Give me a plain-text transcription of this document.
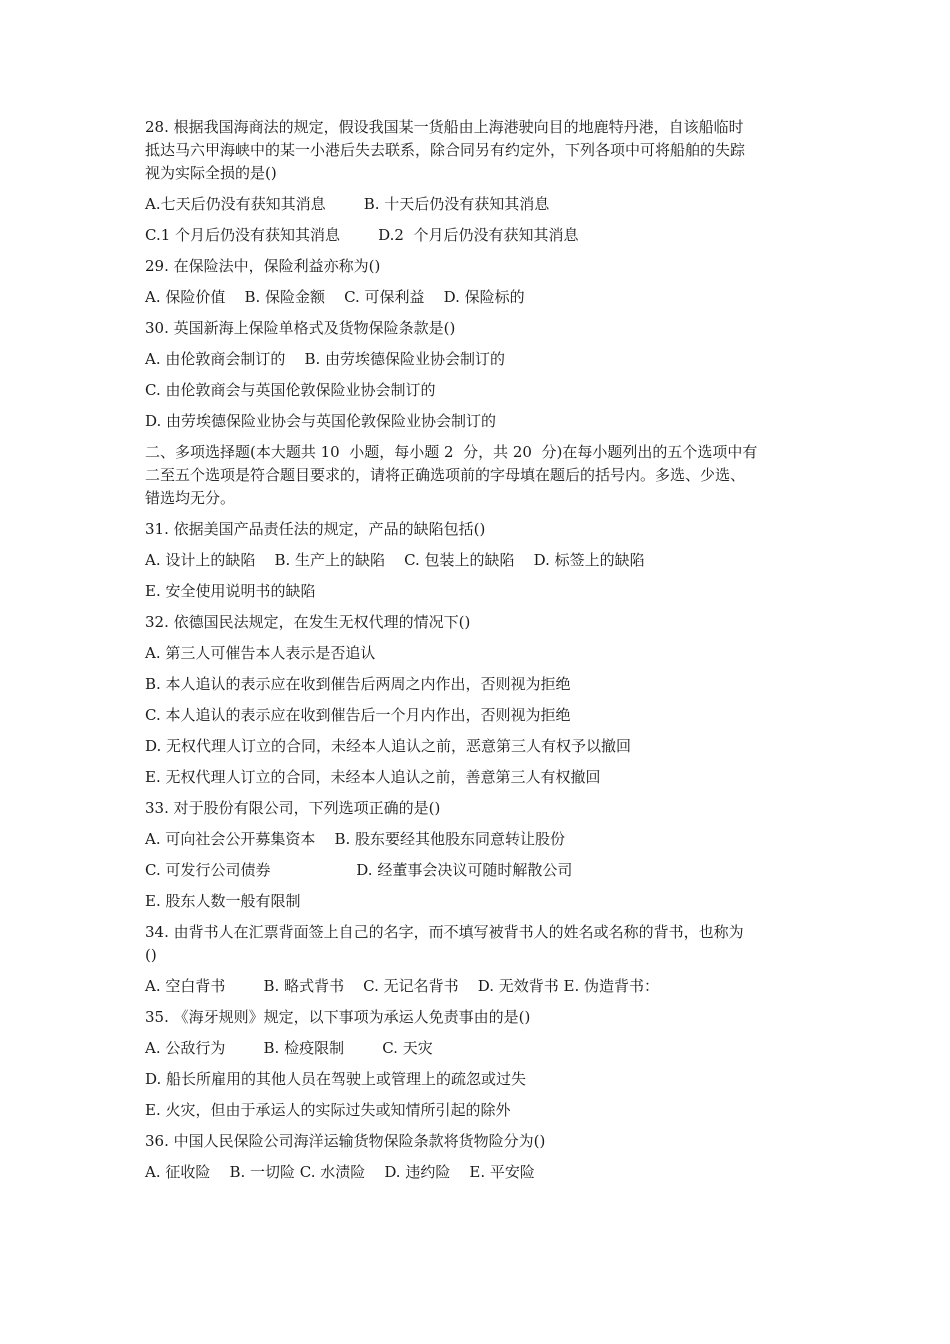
28. 根据我国海商法的规定，假设我国某一货船由上海港驶向目的地鹿特丹港，自该船临时
抵达马六甲海峡中的某一小港后失去联系，除合同另有约定外，下列各项中可将船舶的失踪
视为实际全损的是()
A.七天后仍没有获知其消息        B. 十天后仍没有获知其消息
C.1 个月后仍没有获知其消息        D.2  个月后仍没有获知其消息
29. 在保险法中，保险利益亦称为()
A. 保险价值    B. 保险金额    C. 可保利益    D. 保险标的
30. 英国新海上保险单格式及货物保险条款是()
A. 由伦敦商会制订的    B. 由劳埃德保险业协会制订的
C. 由伦敦商会与英国伦敦保险业协会制订的
D. 由劳埃德保险业协会与英国伦敦保险业协会制订的
二、多项选择题(本大题共 10  小题，每小题 2  分，共 20  分)在每小题列出的五个选项中有
二至五个选项是符合题目要求的，请将正确选项前的字母填在题后的括号内。多选、少选、
错选均无分。
31. 依据美国产品责任法的规定，产品的缺陷包括()
A. 设计上的缺陷    B. 生产上的缺陷    C. 包装上的缺陷    D. 标签上的缺陷
E. 安全使用说明书的缺陷
32. 依德国民法规定，在发生无权代理的情况下()
A. 第三人可催告本人表示是否追认
B. 本人追认的表示应在收到催告后两周之内作出，否则视为拒绝
C. 本人追认的表示应在收到催告后一个月内作出，否则视为拒绝
D. 无权代理人订立的合同，未经本人追认之前，恶意第三人有权予以撤回
E. 无权代理人订立的合同，未经本人追认之前，善意第三人有权撤回
33. 对于股份有限公司，下列选项正确的是()
A. 可向社会公开募集资本    B. 股东要经其他股东同意转让股份
C. 可发行公司债券                  D. 经董事会决议可随时解散公司
E. 股东人数一般有限制
34. 由背书人在汇票背面签上自己的名字，而不填写被背书人的姓名或名称的背书，也称为
()
A. 空白背书        B. 略式背书    C. 无记名背书    D. 无效背书 E. 伪造背书：
35. 《海牙规则》规定，以下事项为承运人免责事由的是()
A. 公敌行为        B. 检疫限制        C. 天灾
D. 船长所雇用的其他人员在驾驶上或管理上的疏忽或过失
E. 火灾，但由于承运人的实际过失或知情所引起的除外
36. 中国人民保险公司海洋运输货物保险条款将货物险分为()
A. 征收险    B. 一切险 C. 水渍险    D. 违约险    E. 平安险
